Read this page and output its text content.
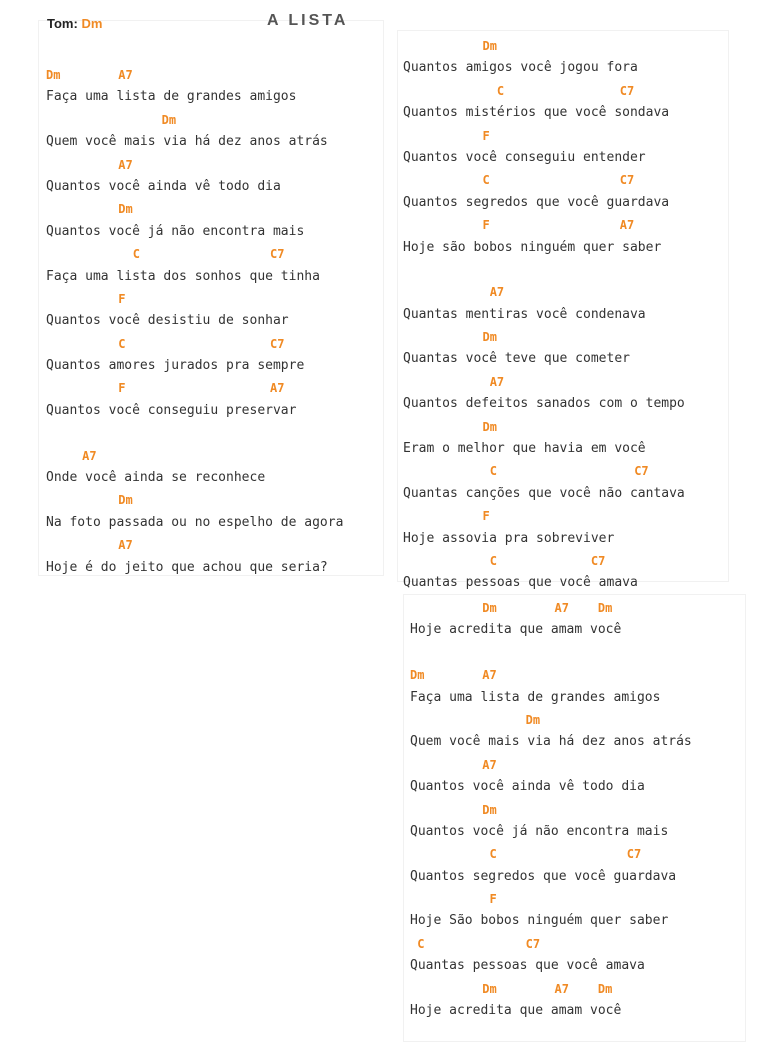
Tom: Dm	A LISTA
Dm        A7
Faça uma lista de grandes amigos
Dm
Quem você mais via há dez anos atrás
A7
Quantos você ainda vê todo dia
Dm
Quantos você já não encontra mais
C                  C7
Faça uma lista dos sonhos que tinha
F
Quantos você desistiu de sonhar
C                    C7
Quantos amores jurados pra sempre
F                    A7
Quantos você conseguiu preservar
A7
Onde você ainda se reconhece
Dm
Na foto passada ou no espelho de agora
A7
Hoje é do jeito que achou que seria?
Dm
Quantos amigos você jogou fora
C                C7
Quantos mistérios que você sondava
F
Quantos você conseguiu entender
C                  C7
Quantos segredos que você guardava
F                  A7
Hoje são bobos ninguém quer saber
A7
Quantas mentiras você condenava
Dm
Quantas você teve que cometer
A7
Quantos defeitos sanados com o tempo
Dm
Eram o melhor que havia em você
C                   C7
Quantas canções que você não cantava
F
Hoje assovia pra sobreviver
C             C7
Quantas pessoas que você amava
Dm        A7    Dm
Hoje acredita que amam você
Dm        A7
Faça uma lista de grandes amigos
Dm
Quem você mais via há dez anos atrás
A7
Quantos você ainda vê todo dia
Dm
Quantos você já não encontra mais
C                  C7
Quantos segredos que você guardava
F
Hoje São bobos ninguém quer saber
C              C7
Quantas pessoas que você amava
Dm        A7    Dm
Hoje acredita que amam você
